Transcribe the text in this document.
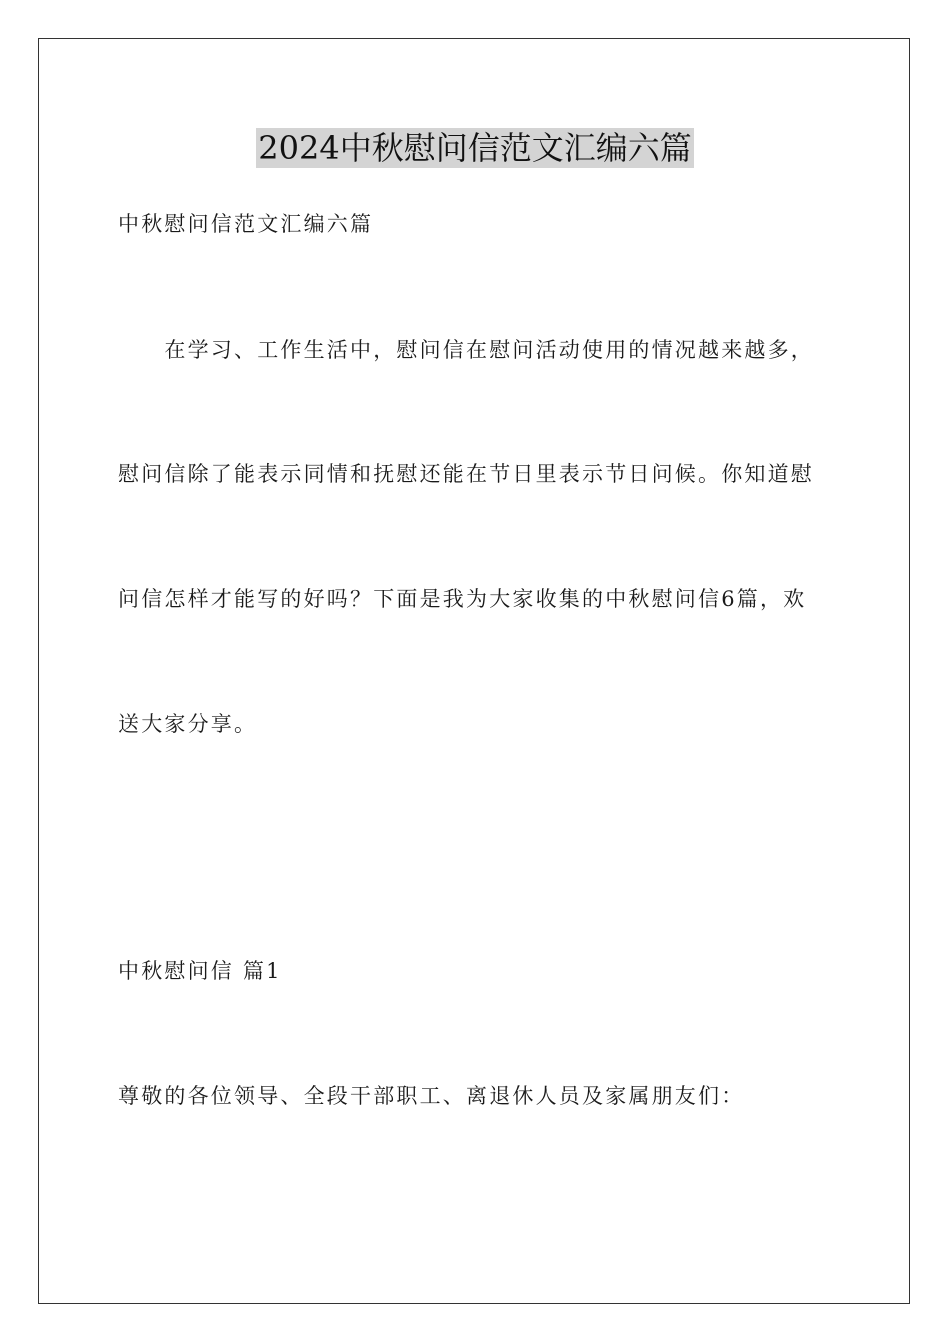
2024中秋慰问信范文汇编六篇
中秋慰问信范文汇编六篇
　　在学习、工作生活中，慰问信在慰问活动使用的情况越来越多，
慰问信除了能表示同情和抚慰还能在节日里表示节日问候。你知道慰
问信怎样才能写的好吗？下面是我为大家收集的中秋慰问信6篇，欢
送大家分享。
中秋慰问信 篇1
尊敬的各位领导、全段干部职工、离退休人员及家属朋友们：
